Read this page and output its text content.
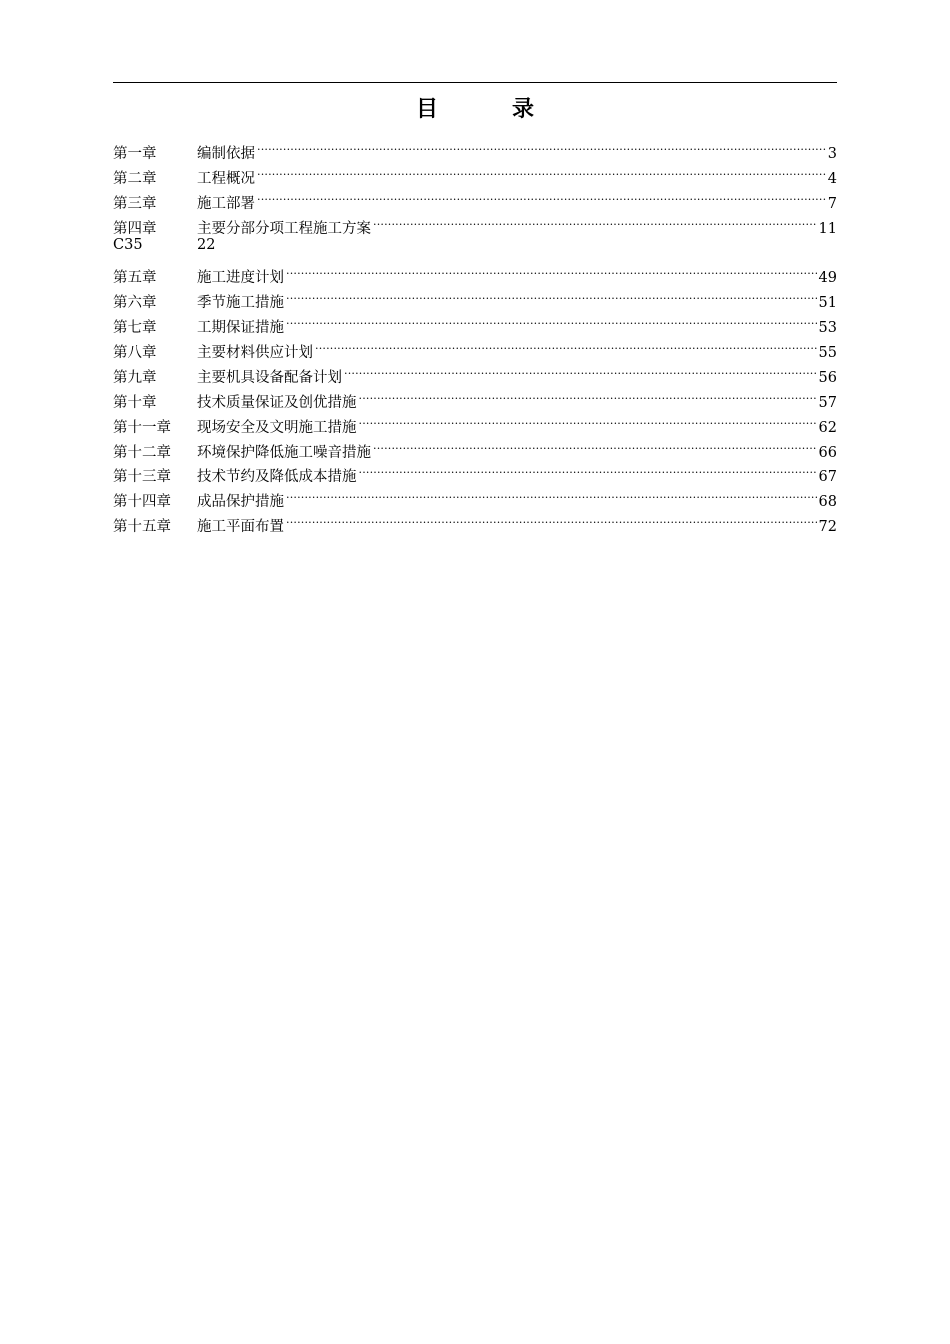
目　录
第一章	编制依据 .....	3
第二章	工程概况 .....	4
第三章	施工部署 .....	7
第四章	主要分部分项工程施工方案 .....	11
C35	22
第五章	施工进度计划 .....	49
第六章	季节施工措施 .....	51
第七章	工期保证措施 .....	53
第八章	主要材料供应计划 .....	55
第九章	主要机具设备配备计划 .....	56
第十章	技术质量保证及创优措施 .....	57
第十一章	现场安全及文明施工措施 .....	62
第十二章	环境保护降低施工噪音措施 .....	66
第十三章	技术节约及降低成本措施 .....	67
第十四章	成品保护措施 .....	68
第十五章	施工平面布置 .....	72
